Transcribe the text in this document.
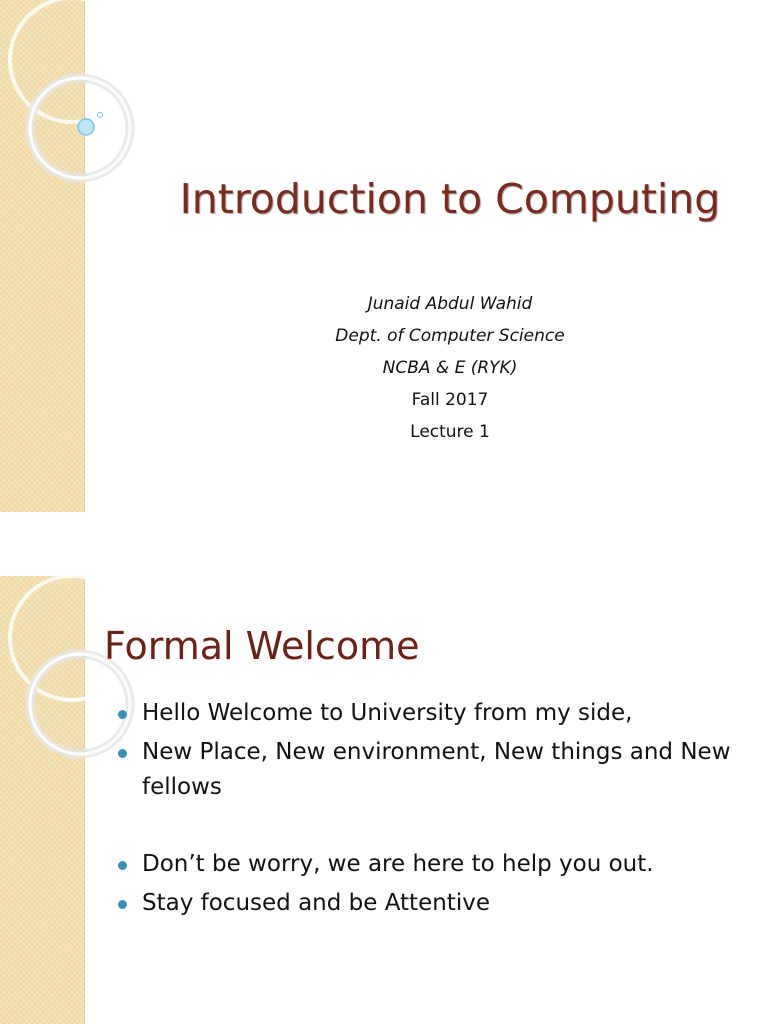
Introduction to Computing
Junaid Abdul Wahid
Dept. of Computer Science
NCBA & E (RYK)
Fall 2017
Lecture 1
Formal Welcome
Hello Welcome to University from my side,
New Place, New environment, New things and New fellows
Don’t be worry, we are here to help you out.
Stay focused and be Attentive
